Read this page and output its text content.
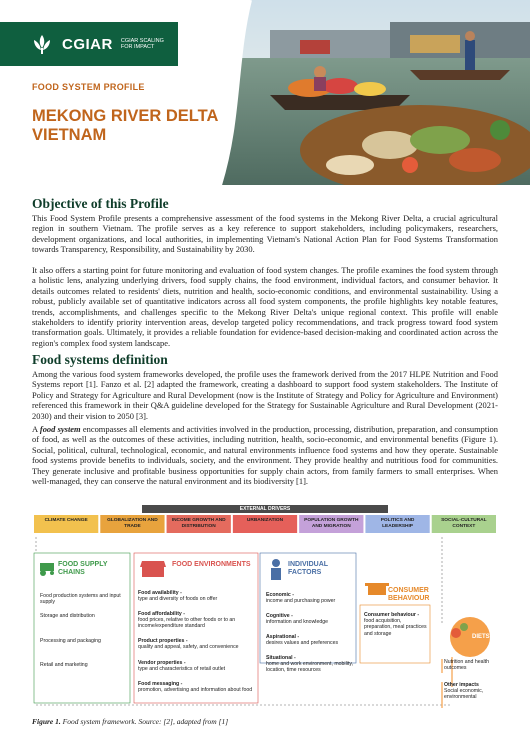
CGIAR CGIAR SCALING FOR IMPACT
FOOD SYSTEM PROFILE
MEKONG RIVER DELTA
VIETNAM
Objective of this Profile

This Food System Profile presents a comprehensive assessment of the food systems in the Mekong River Delta, a crucial agricultural region in southern Vietnam. The profile serves as a key reference to support stakeholders, including policymakers, researchers, development organizations, and local authorities, in implementing Vietnam's National Action Plan for Food Systems Transformation towards Transparency, Responsibility, and Sustainability by 2030.

It also offers a starting point for future monitoring and evaluation of food system changes. The profile examines the food system through a holistic lens, analyzing underlying drivers, food supply chains, the food environment, individual factors, and consumer behavior. It details outcomes related to residents' diets, nutrition and health, socio-economic conditions, and environmental sustainability. Using a robust, publicly available set of quantitative indicators across all food system components, the profile highlights key notable features, trends, accomplishments, and challenges specific to the Mekong River Delta's unique regional context. This profile will enable stakeholders to identify priority intervention areas, develop targeted policy recommendations, and track progress toward food system transformation goals. Ultimately, it provides a reliable foundation for evidence-based decision-making and coordinated action across the region's complex food system landscape.

Food systems definition

Among the various food system frameworks developed, the profile uses the framework derived from the 2017 HLPE Nutrition and Food Systems report [1]. Fanzo et al. [2] adapted the framework, creating a dashboard to support food system stakeholders. The Institute of Policy and Strategy for Agriculture and Rural Development (now is the Institute of Strategy and Policy for Agriculture and Environment) referenced this framework in their Q&A guideline developed for the Strategy for Sustainable Agriculture and Rural Development (2021-2030) and their vision to 2050 [3].

A food system encompasses all elements and activities involved in the production, processing, distribution, preparation, and consumption of food, as well as the outcomes of these activities, including nutrition, health, socio-economic, and environmental benefits (Figure 1). Social, political, cultural, technological, economic, and natural environments influence food systems and how they operate. Sustainable food systems provide benefits to individuals, society, and the environment. They provide healthy and nutritious food for communities. They generate inclusive and profitable business opportunities for supply chain actors, from family farmers to small enterprises. When well-managed, they can conserve the natural environment and its biodiversity [1].

EXTERNAL DRIVERS
CLIMATE CHANGE	GLOBALIZATION AND TRADE
INCOME GROWTH AND DISTRIBUTION
URBANIZATION	POPULATION GROWTH AND MIGRATION
POLITICS AND LEADERSHIP
SOCIAL-CULTURAL CONTEXT
FOOD SUPPLY CHAINS
Food production systems and input supply
Storage and distribution
Processing and packaging
Retail and marketing
FOOD ENVIRONMENTS
Food availability -
type and diversity of foods on offer
Food affordability -
food prices, relative to other foods or to an income/expenditure standard
Product properties -
quality and appeal, safety, and convenience
Vendor properties -
type and characteristics of retail outlet
Food messaging -
promotion, advertising and information about food
INDIVIDUAL FACTORS
Economic -
income and purchasing power
Cognitive -
information and knowledge
Aspirational -
desires values and preferences
Situational -
home and work environment, mobility, location, time resources
CONSUMER BEHAVIOUR
Consumer behaviour -
food acquisition, preparation, meal practices and storage
DIETS
Nutrition and health outcomes
Other impacts
Social economic, environmental
Figure 1. Food system framework. Source: [2], adapted from [1]
